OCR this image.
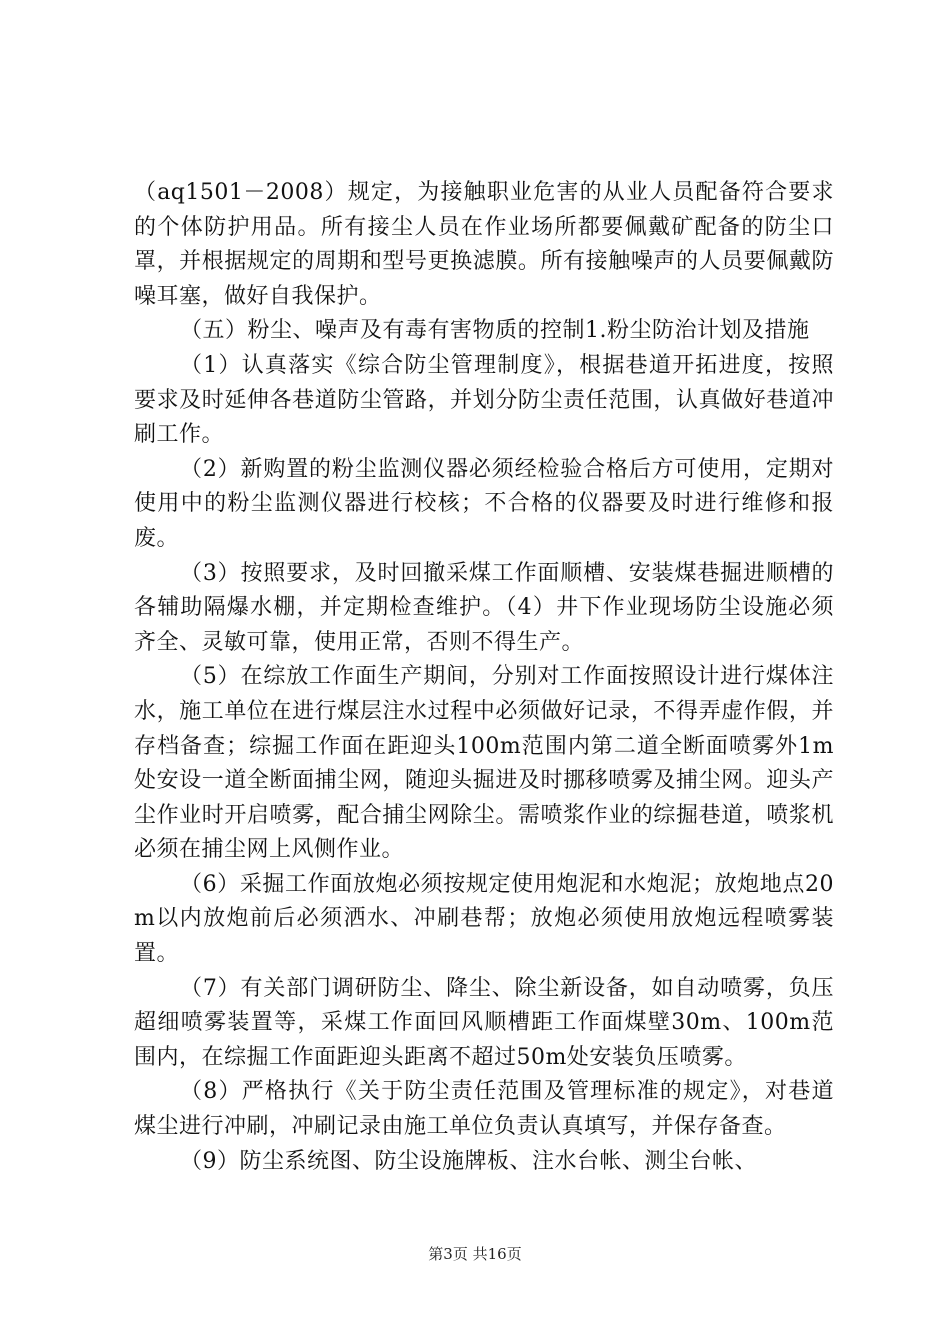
（aq1501－2008）规定，为接触职业危害的从业人员配备符合要求的个体防护用品。所有接尘人员在作业场所都要佩戴矿配备的防尘口罩，并根据规定的周期和型号更换滤膜。所有接触噪声的人员要佩戴防噪耳塞，做好自我保护。

（五）粉尘、噪声及有毒有害物质的控制1.粉尘防治计划及措施

（1）认真落实《综合防尘管理制度》，根据巷道开拓进度，按照要求及时延伸各巷道防尘管路，并划分防尘责任范围，认真做好巷道冲刷工作。

（2）新购置的粉尘监测仪器必须经检验合格后方可使用，定期对使用中的粉尘监测仪器进行校核；不合格的仪器要及时进行维修和报废。

（3）按照要求，及时回撤采煤工作面顺槽、安装煤巷掘进顺槽的各辅助隔爆水棚，并定期检查维护。（4）井下作业现场防尘设施必须齐全、灵敏可靠，使用正常，否则不得生产。

（5）在综放工作面生产期间，分别对工作面按照设计进行煤体注水，施工单位在进行煤层注水过程中必须做好记录，不得弄虚作假，并存档备查；综掘工作面在距迎头100m范围内第二道全断面喷雾外1m处安设一道全断面捕尘网，随迎头掘进及时挪移喷雾及捕尘网。迎头产尘作业时开启喷雾，配合捕尘网除尘。需喷浆作业的综掘巷道，喷浆机必须在捕尘网上风侧作业。

（6）采掘工作面放炮必须按规定使用炮泥和水炮泥；放炮地点20m以内放炮前后必须洒水、冲刷巷帮；放炮必须使用放炮远程喷雾装置。

（7）有关部门调研防尘、降尘、除尘新设备，如自动喷雾，负压超细喷雾装置等，采煤工作面回风顺槽距工作面煤壁30m、100m范围内，在综掘工作面距迎头距离不超过50m处安装负压喷雾。

（8）严格执行《关于防尘责任范围及管理标准的规定》，对巷道煤尘进行冲刷，冲刷记录由施工单位负责认真填写，并保存备查。

（9）防尘系统图、防尘设施牌板、注水台帐、测尘台帐、

第3页 共16页
